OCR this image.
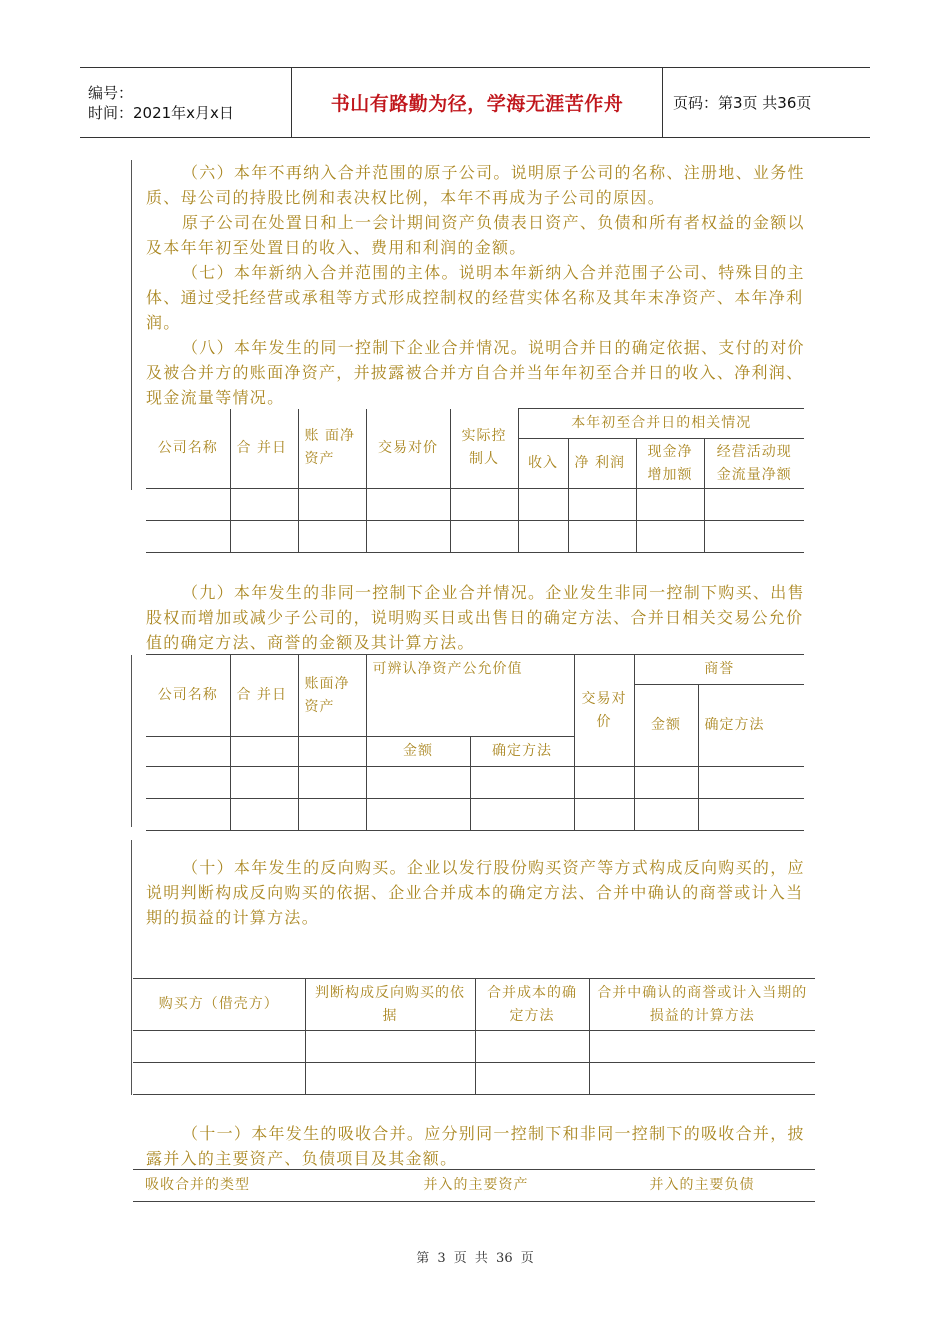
编号：
时间：2021年x月x日	书山有路勤为径，学海无涯苦作舟	页码：第3页 共36页

（六）本年不再纳入合并范围的原子公司。说明原子公司的名称、注册地、业务性质、母公司的持股比例和表决权比例，本年不再成为子公司的原因。

原子公司在处置日和上一会计期间资产负债表日资产、负债和所有者权益的金额以及本年年初至处置日的收入、费用和利润的金额。

（七）本年新纳入合并范围的主体。说明本年新纳入合并范围子公司、特殊目的主体、通过受托经营或承租等方式形成控制权的经营实体名称及其年末净资产、本年净利润。

（八）本年发生的同一控制下企业合并情况。说明合并日的确定依据、支付的对价及被合并方的账面净资产，并披露被合并方自合并当年年初至合并日的收入、净利润、现金流量等情况。

公司名称	合 并日	账 面净资产	交易对价	实际控制人	本年初至合并日的相关情况			
					收入	净 利润	现金净增加额	经营活动现金流量净额

（九）本年发生的非同一控制下企业合并情况。企业发生非同一控制下购买、出售股权而增加或减少子公司的，说明购买日或出售日的确定方法、合并日相关交易公允价值的确定方法、商誉的金额及其计算方法。

公司名称	合 并日	账面净资产	可辨认净资产公允价值		交易对价	商誉	
						金额	确定方法
			金额	确定方法			

（十）本年发生的反向购买。企业以发行股份购买资产等方式构成反向购买的，应说明判断构成反向购买的依据、企业合并成本的确定方法、合并中确认的商誉或计入当期的损益的计算方法。

购买方（借壳方）	判断构成反向购买的依据	合并成本的确定方法	合并中确认的商誉或计入当期的损益的计算方法

（十一）本年发生的吸收合并。应分别同一控制下和非同一控制下的吸收合并，披露并入的主要资产、负债项目及其金额。

吸收合并的类型	并入的主要资产	并入的主要负债
第 3 页 共 36 页
